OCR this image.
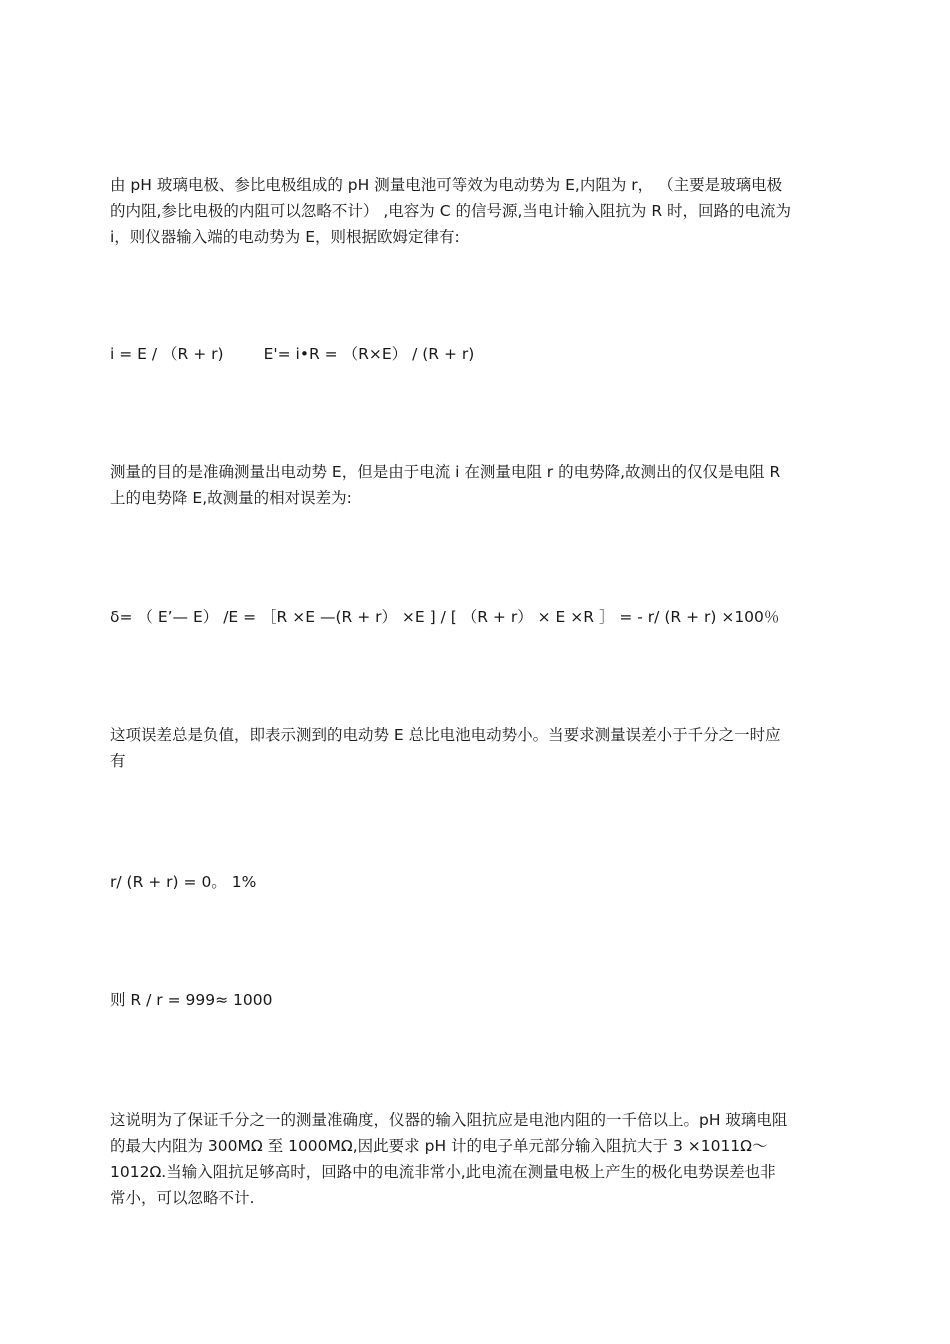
由 pH 玻璃电极、参比电极组成的 pH 测量电池可等效为电动势为 E,内阻为 r， （主要是玻璃电极
的内阻,参比电极的内阻可以忽略不计） ,电容为 C 的信号源,当电计输入阻抗为 R 时，回路的电流为
i，则仪器输入端的电动势为 E，则根据欧姆定律有:

i = E / （R + r)	E'= i•R = （R×E） / (R + r)

测量的目的是准确测量出电动势 E，但是由于电流 i 在测量电阻 r 的电势降,故测出的仅仅是电阻 R
上的电势降 E,故测量的相对误差为:

δ= （ E’— E） /E = ［R ×E —(R + r） ×E ] / [ （R + r） × E ×R ］ = - r/ (R + r) ×100％

这项误差总是负值，即表示测到的电动势 E 总比电池电动势小。当要求测量误差小于千分之一时应
有

r/ (R + r) = 0。 1%

则 R / r = 999≈ 1000

这说明为了保证千分之一的测量准确度，仪器的输入阻抗应是电池内阻的一千倍以上。pH 玻璃电阻
的最大内阻为 300MΩ 至 1000MΩ,因此要求 pH 计的电子单元部分输入阻抗大于 3 ×1011Ω～
1012Ω.当输入阻抗足够高时，回路中的电流非常小,此电流在测量电极上产生的极化电势误差也非
常小，可以忽略不计.
